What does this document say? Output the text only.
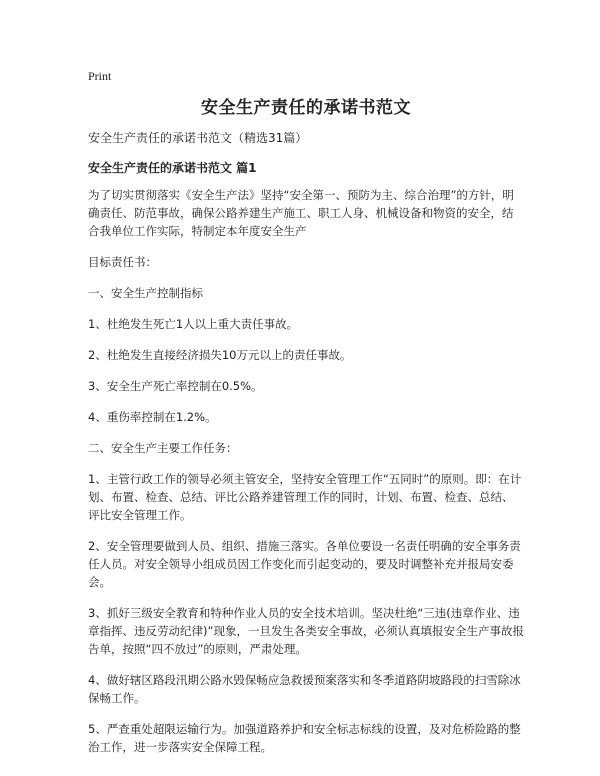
Print
安全生产责任的承诺书范文
安全生产责任的承诺书范文（精选31篇）
安全生产责任的承诺书范文 篇1

为了切实贯彻落实《安全生产法》坚持“安全第一、预防为主、综合治理”的方针，明确责任、防范事故，确保公路养建生产施工、职工人身、机械设备和物资的安全，结合我单位工作实际，特制定本年度安全生产

目标责任书：

一、安全生产控制指标

1、杜绝发生死亡1人以上重大责任事故。

2、杜绝发生直接经济损失10万元以上的责任事故。

3、安全生产死亡率控制在0.5%。

4、重伤率控制在1.2%。

二、安全生产主要工作任务：

1、主管行政工作的领导必须主管安全，坚持安全管理工作“五同时”的原则。即：在计划、布置、检查、总结、评比公路养建管理工作的同时，计划、布置、检查、总结、评比安全管理工作。

2、安全管理要做到人员、组织、措施三落实。各单位要设一名责任明确的安全事务责任人员。对安全领导小组成员因工作变化而引起变动的，要及时调整补充并报局安委会。

3、抓好三级安全教育和特种作业人员的安全技术培训。坚决杜绝“三违(违章作业、违章指挥、违反劳动纪律)”现象，一旦发生各类安全事故，必须认真填报安全生产事故报告单，按照“四不放过”的原则，严肃处理。

4、做好辖区路段汛期公路水毁保畅应急救援预案落实和冬季道路阴坡路段的扫雪除冰保畅工作。

5、严查重处超限运输行为。加强道路养护和安全标志标线的设置，及对危桥险路的整治工作，进一步落实安全保障工程。
